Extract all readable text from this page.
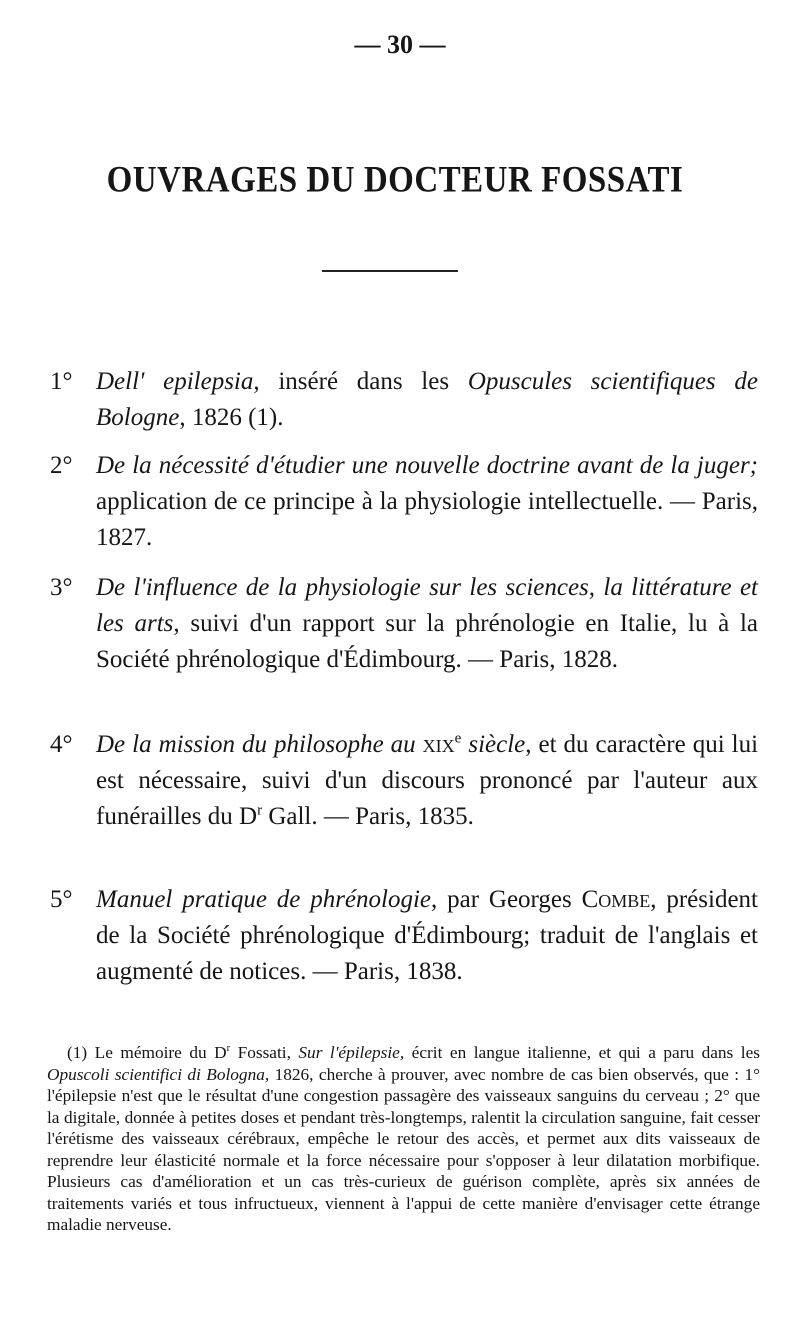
— 30 —
OUVRAGES DU DOCTEUR FOSSATI
1° Dell' epilepsia, inséré dans les Opuscules scientifiques de Bologne, 1826 (1).
2° De la nécessité d'étudier une nouvelle doctrine avant de la juger; application de ce principe à la physiologie intellectuelle. — Paris, 1827.
3° De l'influence de la physiologie sur les sciences, la littérature et les arts, suivi d'un rapport sur la phrénologie en Italie, lu à la Société phrénologique d'Édimbourg. — Paris, 1828.
4° De la mission du philosophe au xix$^e$ siècle, et du caractère qui lui est nécessaire, suivi d'un discours prononcé par l'auteur aux funérailles du $D^r$ Gall. — Paris, 1835.
5° Manuel pratique de phrénologie, par Georges Combe, président de la Société phrénologique d'Édimbourg; traduit de l'anglais et augmenté de notices. — Paris, 1838.
(1) Le mémoire du $D^r$ Fossati, Sur l'épilepsie, écrit en langue italienne, et qui a paru dans les Opuscoli scientifici di Bologna, 1826, cherche à prouver, avec nombre de cas bien observés, que : 1° l'épilepsie n'est que le résultat d'une congestion passagère des vaisseaux sanguins du cerveau ; 2° que la digitale, donnée à petites doses et pendant très-longtemps, ralentit la circulation sanguine, fait cesser l'érétisme des vaisseaux cérébraux, empêche le retour des accès, et permet aux dits vaisseaux de reprendre leur élasticité normale et la force nécessaire pour s'opposer à leur dilatation morbifique. Plusieurs cas d'amélioration et un cas très-curieux de guérison complète, après six années de traitements variés et tous infructueux, viennent à l'appui de cette manière d'envisager cette étrange maladie nerveuse.
